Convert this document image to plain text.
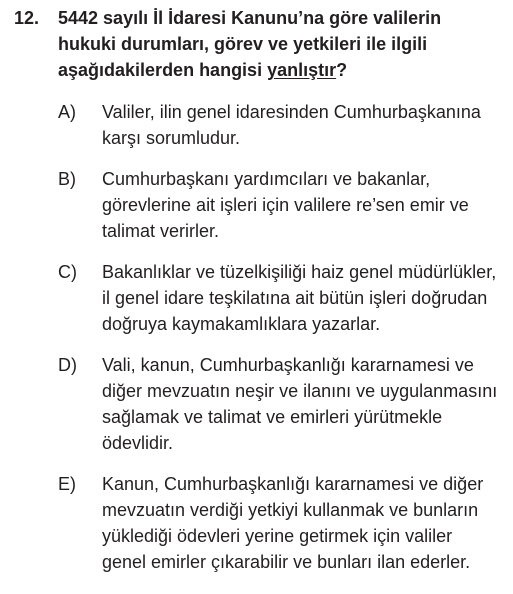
12.	5442 sayılı İl İdaresi Kanunu’na göre valilerin hukuki durumları, görev ve yetkileri ile ilgili aşağıdakilerden hangisi yanlıştır?
A)	Valiler, ilin genel idaresinden Cumhurbaşkanına karşı sorumludur.
B)	Cumhurbaşkanı yardımcıları ve bakanlar, görevlerine ait işleri için valilere re’sen emir ve talimat verirler.
C)	Bakanlıklar ve tüzelkişiliği haiz genel müdürlükler, il genel idare teşkilatına ait bütün işleri doğrudan doğruya kaymakamlıklara yazarlar.
D)	Vali, kanun, Cumhurbaşkanlığı kararnamesi ve diğer mevzuatın neşir ve ilanını ve uygulanmasını sağlamak ve talimat ve emirleri yürütmekle ödevlidir.
E)	Kanun, Cumhurbaşkanlığı kararnamesi ve diğer mevzuatın verdiği yetkiyi kullanmak ve bunların yüklediği ödevleri yerine getirmek için valiler genel emirler çıkarabilir ve bunları ilan ederler.
